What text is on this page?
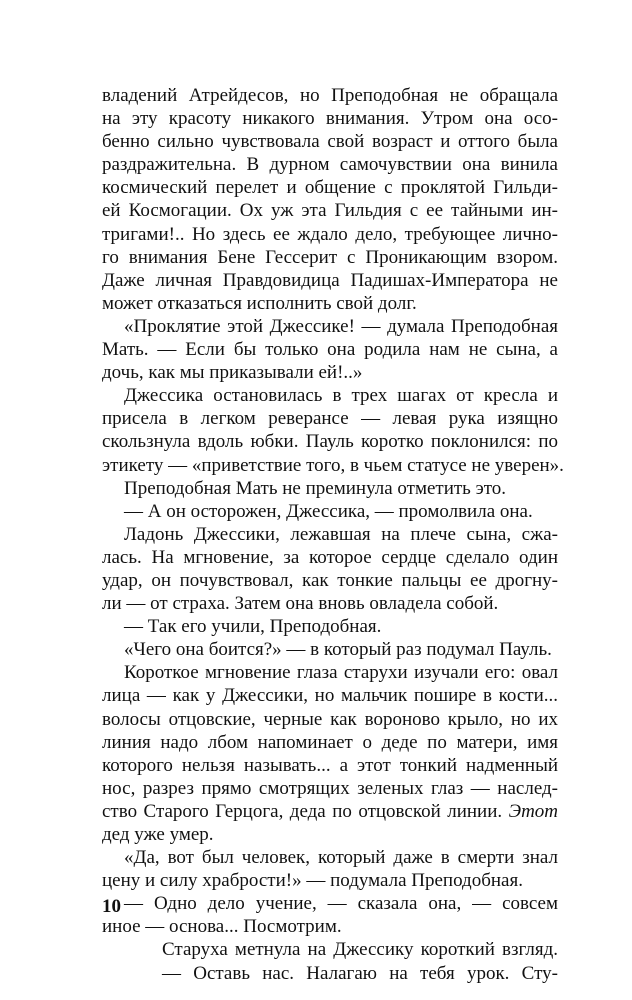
владений Атрейдесов, но Преподобная не обращала
на эту красоту никакого внимания. Утром она осо-
бенно сильно чувствовала свой возраст и оттого была
раздражительна. В дурном самочувствии она винила
космический перелет и общение с проклятой Гильди-
ей Космогации. Ох уж эта Гильдия с ее тайными ин-
тригами!.. Но здесь ее ждало дело, требующее лично-
го внимания Бене Гессерит с Проникающим взором.
Даже личная Правдовидица Падишах-Императора не
может отказаться исполнить свой долг.
«Проклятие этой Джессике! — думала Преподобная
Мать. — Если бы только она родила нам не сына, а
дочь, как мы приказывали ей!..»
Джессика остановилась в трех шагах от кресла и
присела в легком реверансе — левая рука изящно
скользнула вдоль юбки. Пауль коротко поклонился: по
этикету — «приветствие того, в чьем статусе не уверен».
Преподобная Мать не преминула отметить это.
— А он осторожен, Джессика, — промолвила она.
Ладонь Джессики, лежавшая на плече сына, сжа-
лась. На мгновение, за которое сердце сделало один
удар, он почувствовал, как тонкие пальцы ее дрогну-
ли — от страха. Затем она вновь овладела собой.
— Так его учили, Преподобная.
«Чего она боится?» — в который раз подумал Пауль.
Короткое мгновение глаза старухи изучали его: овал
лица — как у Джессики, но мальчик пошире в кости...
волосы отцовские, черные как вороново крыло, но их
линия надо лбом напоминает о деде по матери, имя
которого нельзя называть... а этот тонкий надменный
нос, разрез прямо смотрящих зеленых глаз — наслед-
ство Старого Герцога, деда по отцовской линии. Этот
дед уже умер.
«Да, вот был человек, который даже в смерти знал
цену и силу храбрости!» — подумала Преподобная.
— Одно дело учение, — сказала она, — совсем
иное — основа... Посмотрим.
Старуха метнула на Джессику короткий взгляд.
— Оставь нас. Налагаю на тебя урок. Сту-
10
